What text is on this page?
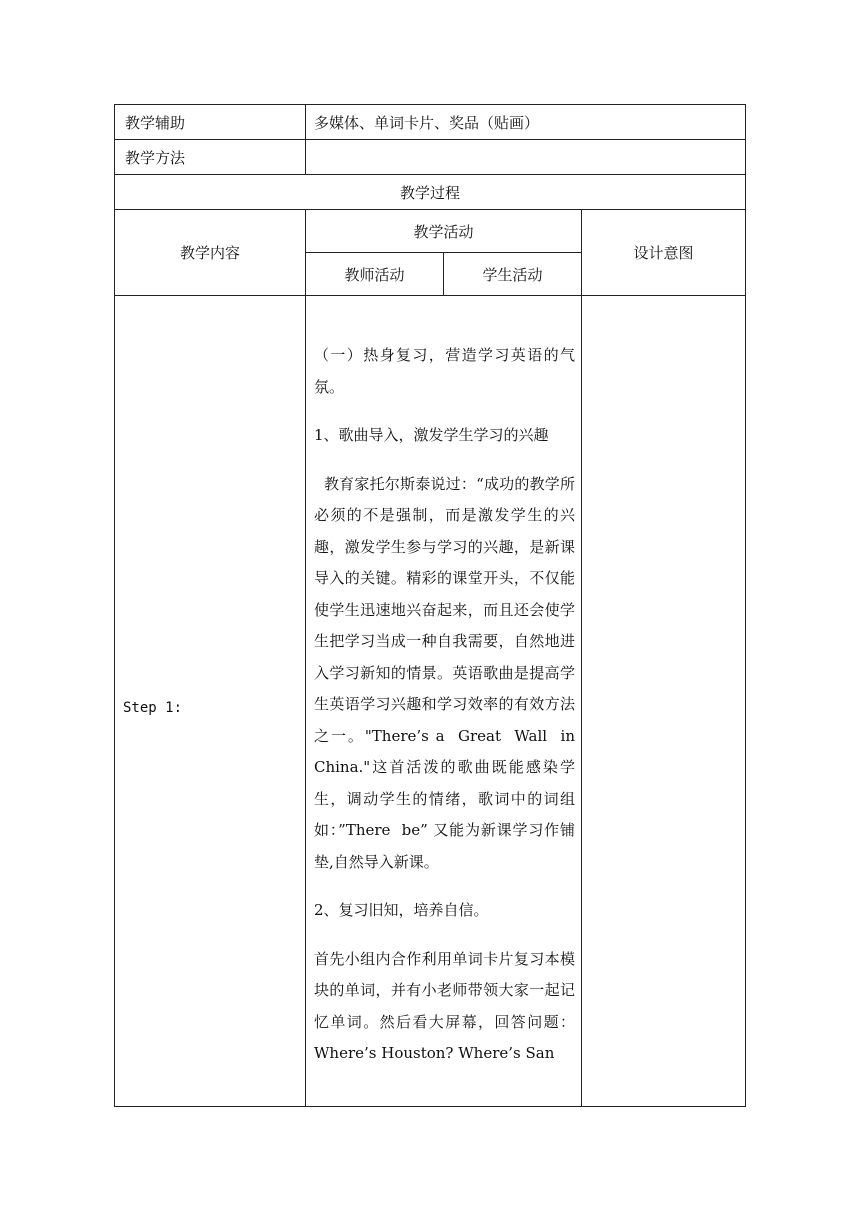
教学辅助	多媒体、单词卡片、奖品（贴画）		
教学方法			
教学过程			
教学内容	教学活动		设计意图
	教师活动	学生活动	
Step 1:	（一）热身复习，营造学习英语的气氛。

1、歌曲导入，激发学生学习的兴趣

教育家托尔斯泰说过：“成功的教学所必须的不是强制，而是激发学生的兴趣，激发学生参与学习的兴趣，是新课导入的关键。精彩的课堂开头，不仅能使学生迅速地兴奋起来，而且还会使学生把学习当成一种自我需要，自然地进入学习新知的情景。英语歌曲是提高学生英语学习兴趣和学习效率的有效方法之一。"There’s a  Great  Wall  in  China."这首活泼的歌曲既能感染学生，调动学生的情绪，歌词中的词组如：”There  be” 又能为新课学习作铺垫,自然导入新课。

2、复习旧知，培养自信。

首先小组内合作利用单词卡片复习本模块的单词，并有小老师带领大家一起记忆单词。然后看大屏幕，回答问题：Where’s Houston? Where’s San		
